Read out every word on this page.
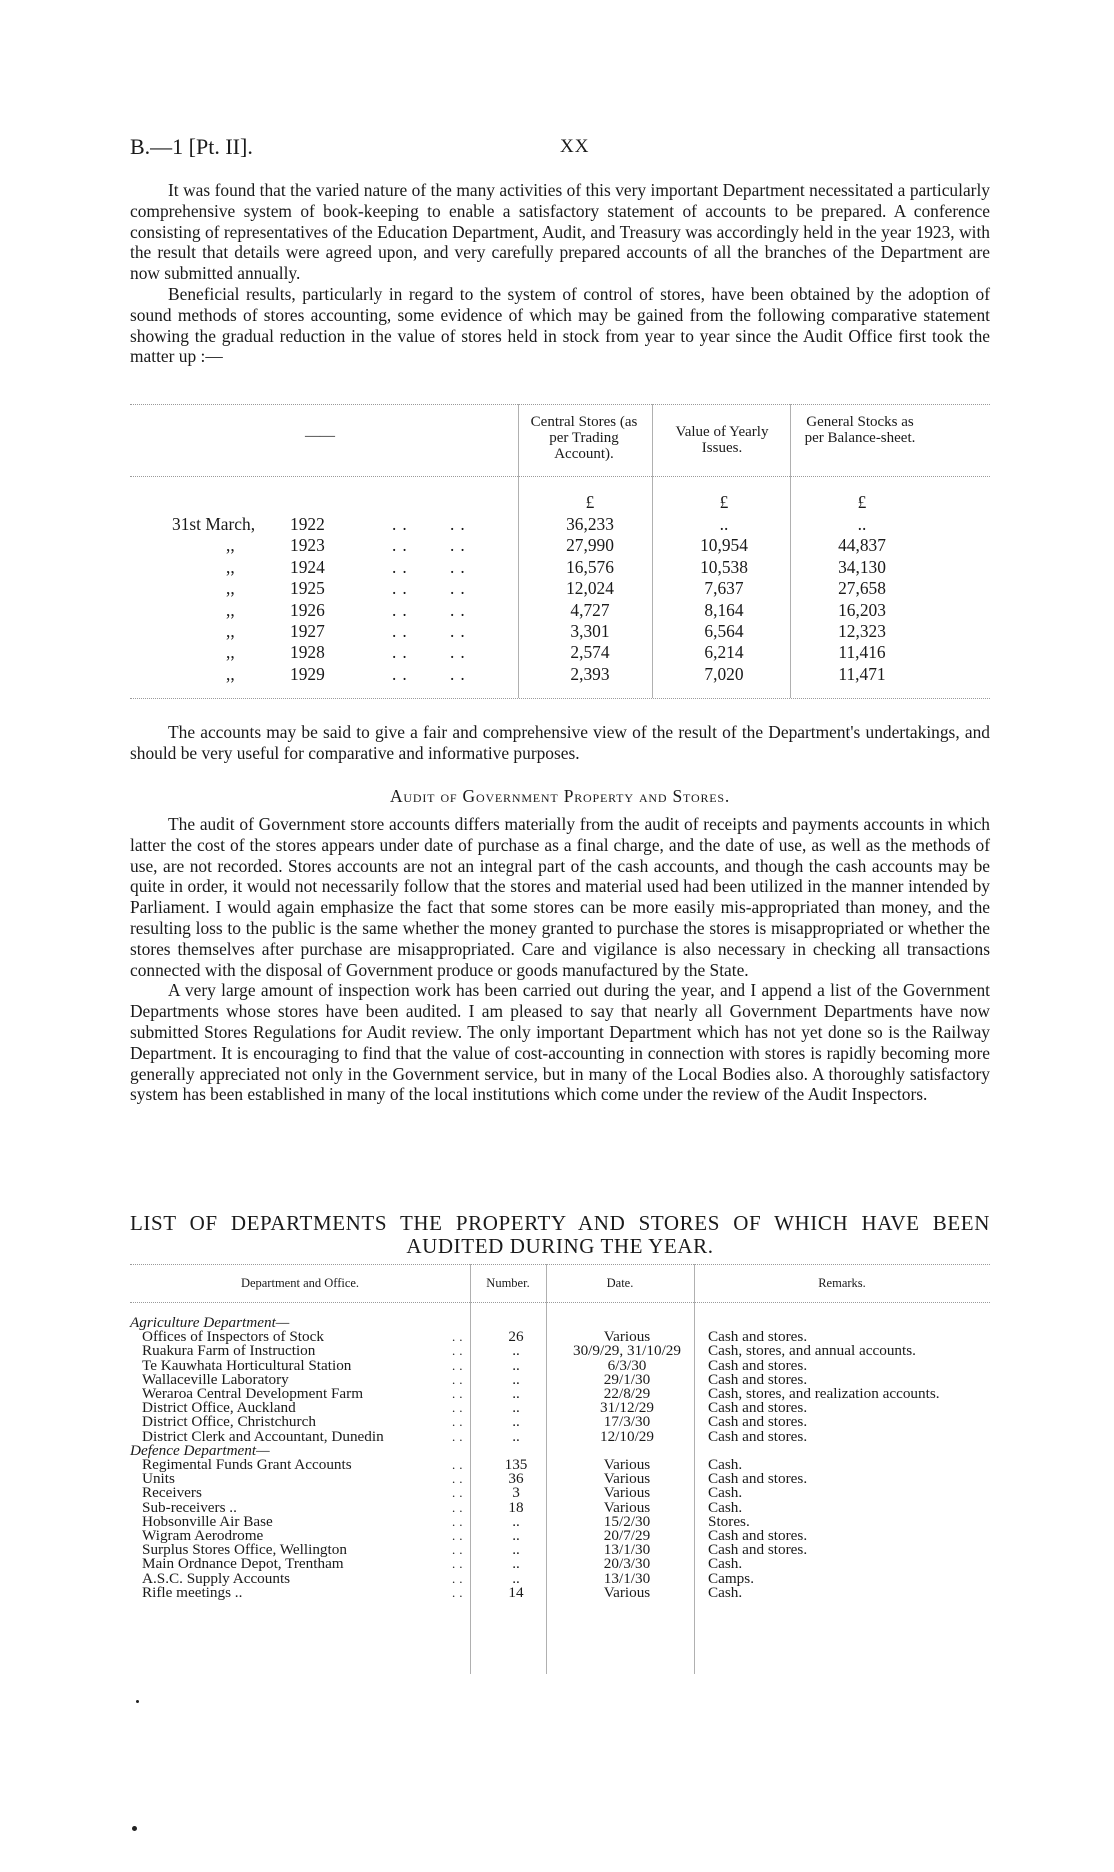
B.—1 [Pt. II].	XX

It was found that the varied nature of the many activities of this very important Department necessitated a particularly comprehensive system of book-keeping to enable a satisfactory statement of accounts to be prepared. A conference consisting of representatives of the Education Department, Audit, and Treasury was accordingly held in the year 1923, with the result that details were agreed upon, and very carefully prepared accounts of all the branches of the Department are now submitted annually.

Beneficial results, particularly in regard to the system of control of stores, have been obtained by the adoption of sound methods of stores accounting, some evidence of which may be gained from the following comparative statement showing the gradual reduction in the value of stores held in stock from year to year since the Audit Office first took the matter up :—

——
Central Stores (as per Trading Account).
Value of Yearly Issues.
General Stocks as per Balance-sheet.
£	£	£
31st March, 1922	.. ..	36,233	..	..
,,	1923	.. ..	27,990	10,954	44,837
,,	1924	.. ..	16,576	10,538	34,130
,,	1925	.. ..	12,024	7,637	27,658
,,	1926	.. ..	4,727	8,164	16,203
,,	1927	.. ..	3,301	6,564	12,323
,,	1928	.. ..	2,574	6,214	11,416
,,	1929	.. ..	2,393	7,020	11,471

The accounts may be said to give a fair and comprehensive view of the result of the Department's undertakings, and should be very useful for comparative and informative purposes.

Audit of Government Property and Stores.

The audit of Government store accounts differs materially from the audit of receipts and payments accounts in which latter the cost of the stores appears under date of purchase as a final charge, and the date of use, as well as the methods of use, are not recorded. Stores accounts are not an integral part of the cash accounts, and though the cash accounts may be quite in order, it would not necessarily follow that the stores and material used had been utilized in the manner intended by Parliament. I would again emphasize the fact that some stores can be more easily mis-appropriated than money, and the resulting loss to the public is the same whether the money granted to purchase the stores is misappropriated or whether the stores themselves after purchase are misappropriated. Care and vigilance is also necessary in checking all transactions connected with the disposal of Government produce or goods manufactured by the State.

A very large amount of inspection work has been carried out during the year, and I append a list of the Government Departments whose stores have been audited. I am pleased to say that nearly all Government Departments have now submitted Stores Regulations for Audit review. The only important Department which has not yet done so is the Railway Department. It is encouraging to find that the value of cost-accounting in connection with stores is rapidly becoming more generally appreciated not only in the Government service, but in many of the Local Bodies also. A thoroughly satisfactory system has been established in many of the local institutions which come under the review of the Audit Inspectors.

LIST OF DEPARTMENTS THE PROPERTY AND STORES OF WHICH HAVE BEEN AUDITED DURING THE YEAR.
Department and Office.	Number.	Date.	Remarks.
Agriculture Department—
Offices of Inspectors of Stock	..	26	Various	Cash and stores.
Ruakura Farm of Instruction	..	..	30/9/29, 31/10/29	Cash, stores, and annual accounts.
Te Kauwhata Horticultural Station	..	..	6/3/30	Cash and stores.
Wallaceville Laboratory	..	..	29/1/30	Cash and stores.
Weraroa Central Development Farm	..	..	22/8/29	Cash, stores, and realization accounts.
District Office, Auckland	..	..	31/12/29	Cash and stores.
District Office, Christchurch	..	..	17/3/30	Cash and stores.
District Clerk and Accountant, Dunedin	..	..	12/10/29	Cash and stores.
Defence Department—
Regimental Funds Grant Accounts	..	135	Various	Cash.
Units	..	36	Various	Cash and stores.
Receivers	..	3	Various	Cash.
Sub-receivers ..	..	18	Various	Cash.
Hobsonville Air Base	..	..	15/2/30	Stores.
Wigram Aerodrome	..	..	20/7/29	Cash and stores.
Surplus Stores Office, Wellington	..	..	13/1/30	Cash and stores.
Main Ordnance Depot, Trentham	..	..	20/3/30	Cash.
A.S.C. Supply Accounts	..	..	13/1/30	Camps.
Rifle meetings ..	..	14	Various	Cash.
